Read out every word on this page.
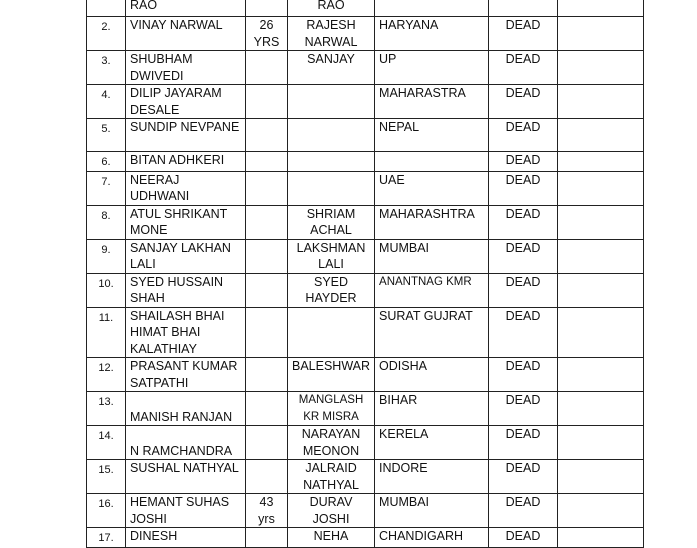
	RAO		RAO			
2.	VINAY NARWAL	26 YRS	RAJESH NARWAL	HARYANA	DEAD	
3.	SHUBHAM DWIVEDI		SANJAY	UP	DEAD	
4.	DILIP JAYARAM DESALE			MAHARASTRA	DEAD	
5.	SUNDIP NEVPANE			NEPAL	DEAD	
6.	BITAN ADHKERI				DEAD	
7.	NEERAJ UDHWANI			UAE	DEAD	
8.	ATUL SHRIKANT MONE		SHRIAM ACHAL	MAHARASHTRA	DEAD	
9.	SANJAY LAKHAN LALI		LAKSHMAN LALI	MUMBAI	DEAD	
10.	SYED HUSSAIN SHAH		SYED HAYDER	ANANTNAG KMR	DEAD	
11.	SHAILASH BHAI HIMAT BHAI KALATHIAY			SURAT GUJRAT	DEAD	
12.	PRASANT KUMAR SATPATHI		BALESHWAR	ODISHA	DEAD	
13.	MANISH RANJAN		MANGLASH KR MISRA	BIHAR	DEAD	
14.	N RAMCHANDRA		NARAYAN MEONON	KERELA	DEAD	
15.	SUSHAL NATHYAL		JALRAID NATHYAL	INDORE	DEAD	
16.	HEMANT SUHAS JOSHI	43 yrs	DURAV JOSHI	MUMBAI	DEAD	
17.	DINESH		NEHA	CHANDIGARH	DEAD	
